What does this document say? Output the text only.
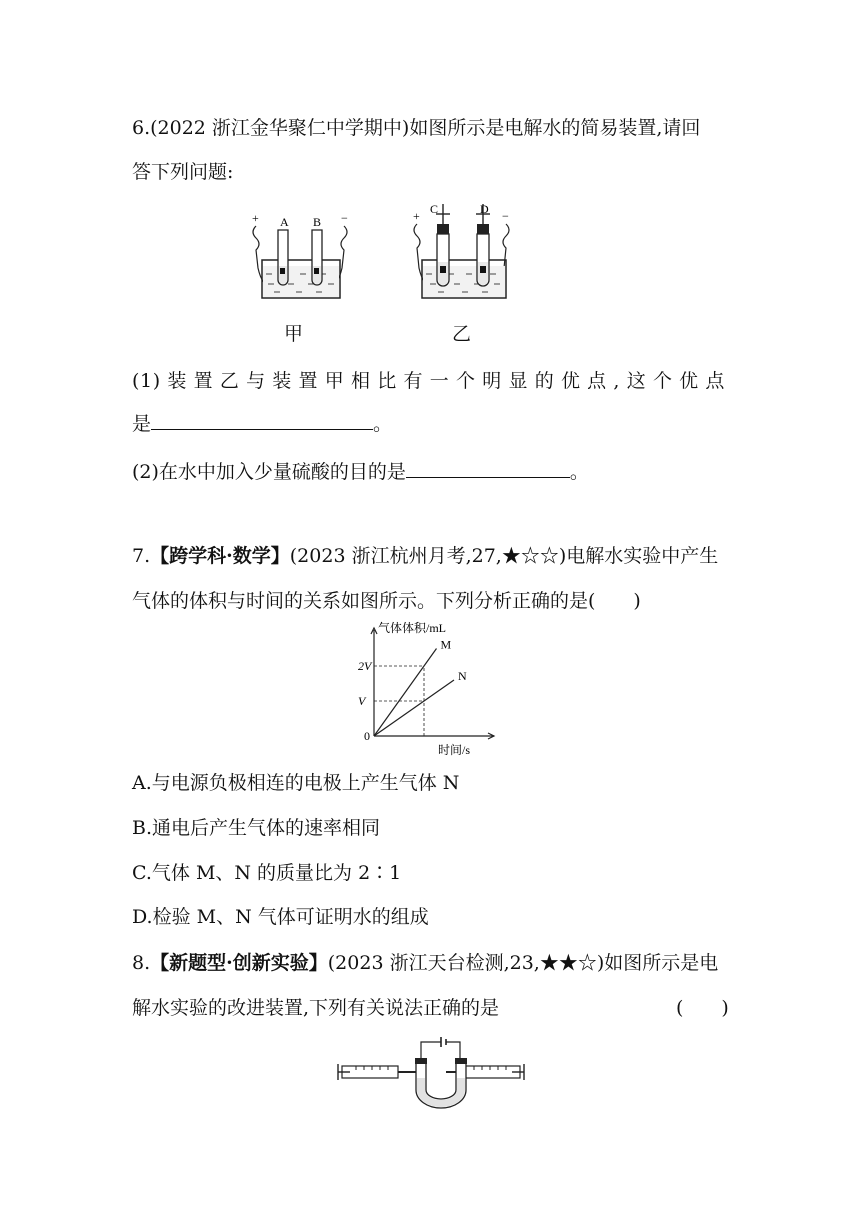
6.(2022 浙江金华聚仁中学期中)如图所示是电解水的简易装置,请回
答下列问题:
+ A B −
甲
+ C	D −
乙
(1) 装 置 乙 与 装 置 甲 相 比 有 一 个 明 显 的 优 点 , 这 个 优 点
是	。
(2)在水中加入少量硫酸的目的是	。
7.【跨学科·数学】(2023 浙江杭州月考,27,★☆☆)电解水实验中产生
气体的体积与时间的关系如图所示。下列分析正确的是(　　)
气体体积/mL
时间/s
0
V
2V
M
N
A.与电源负极相连的电极上产生气体 N
B.通电后产生气体的速率相同
C.气体 M、N 的质量比为 2∶1
D.检验 M、N 气体可证明水的组成
8.【新题型·创新实验】(2023 浙江天台检测,23,★★☆)如图所示是电
解水实验的改进装置,下列有关说法正确的是	(　　)
